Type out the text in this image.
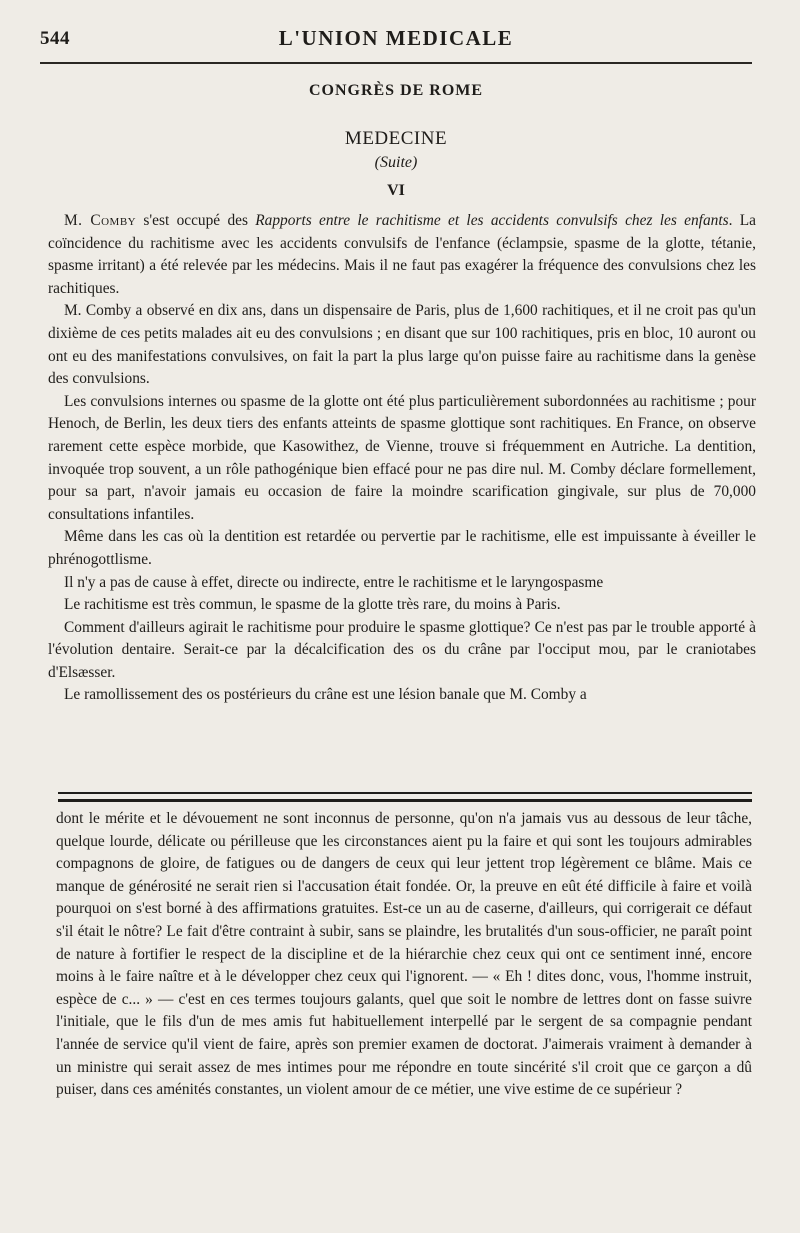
544	L'UNION MEDICALE
CONGRÈS DE ROME
MEDECINE
(Suite)
VI

M. Comby s'est occupé des Rapports entre le rachitisme et les accidents convulsifs chez les enfants. La coïncidence du rachitisme avec les accidents convulsifs de l'enfance (éclampsie, spasme de la glotte, tétanie, spasme irritant) a été relevée par les médecins. Mais il ne faut pas exagérer la fréquence des convulsions chez les rachitiques.

M. Comby a observé en dix ans, dans un dispensaire de Paris, plus de 1,600 rachitiques, et il ne croit pas qu'un dixième de ces petits malades ait eu des convulsions ; en disant que sur 100 rachitiques, pris en bloc, 10 auront ou ont eu des manifestations convulsives, on fait la part la plus large qu'on puisse faire au rachitisme dans la genèse des convulsions.

Les convulsions internes ou spasme de la glotte ont été plus particulièrement subordonnées au rachitisme ; pour Henoch, de Berlin, les deux tiers des enfants atteints de spasme glottique sont rachitiques. En France, on observe rarement cette espèce morbide, que Kasowithez, de Vienne, trouve si fréquemment en Autriche. La dentition, invoquée trop souvent, a un rôle pathogénique bien effacé pour ne pas dire nul. M. Comby déclare formellement, pour sa part, n'avoir jamais eu occasion de faire la moindre scarification gingivale, sur plus de 70,000 consultations infantiles.

Même dans les cas où la dentition est retardée ou pervertie par le rachitisme, elle est impuissante à éveiller le phrénogottlisme.

Il n'y a pas de cause à effet, directe ou indirecte, entre le rachitisme et le laryngospasme

Le rachitisme est très commun, le spasme de la glotte très rare, du moins à Paris.

Comment d'ailleurs agirait le rachitisme pour produire le spasme glottique? Ce n'est pas par le trouble apporté à l'évolution dentaire. Serait-ce par la décalcification des os du crâne par l'occiput mou, par le craniotabes d'Elsæsser.

Le ramollissement des os postérieurs du crâne est une lésion banale que M. Comby a

dont le mérite et le dévouement ne sont inconnus de personne, qu'on n'a jamais vus au dessous de leur tâche, quelque lourde, délicate ou périlleuse que les circonstances aient pu la faire et qui sont les toujours admirables compagnons de gloire, de fatigues ou de dangers de ceux qui leur jettent trop légèrement ce blâme. Mais ce manque de générosité ne serait rien si l'accusation était fondée. Or, la preuve en eût été difficile à faire et voilà pourquoi on s'est borné à des affirmations gratuites. Est-ce un au de caserne, d'ailleurs, qui corrigerait ce défaut s'il était le nôtre? Le fait d'être contraint à subir, sans se plaindre, les brutalités d'un sous-officier, ne paraît point de nature à fortifier le respect de la discipline et de la hiérarchie chez ceux qui ont ce sentiment inné, encore moins à le faire naître et à le développer chez ceux qui l'ignorent. — « Eh ! dites donc, vous, l'homme instruit, espèce de c... » — c'est en ces termes toujours galants, quel que soit le nombre de lettres dont on fasse suivre l'initiale, que le fils d'un de mes amis fut habituellement interpellé par le sergent de sa compagnie pendant l'année de service qu'il vient de faire, après son premier examen de doctorat. J'aimerais vraiment à demander à un ministre qui serait assez de mes intimes pour me répondre en toute sincérité s'il croit que ce garçon a dû puiser, dans ces aménités constantes, un violent amour de ce métier, une vive estime de ce supérieur ?
